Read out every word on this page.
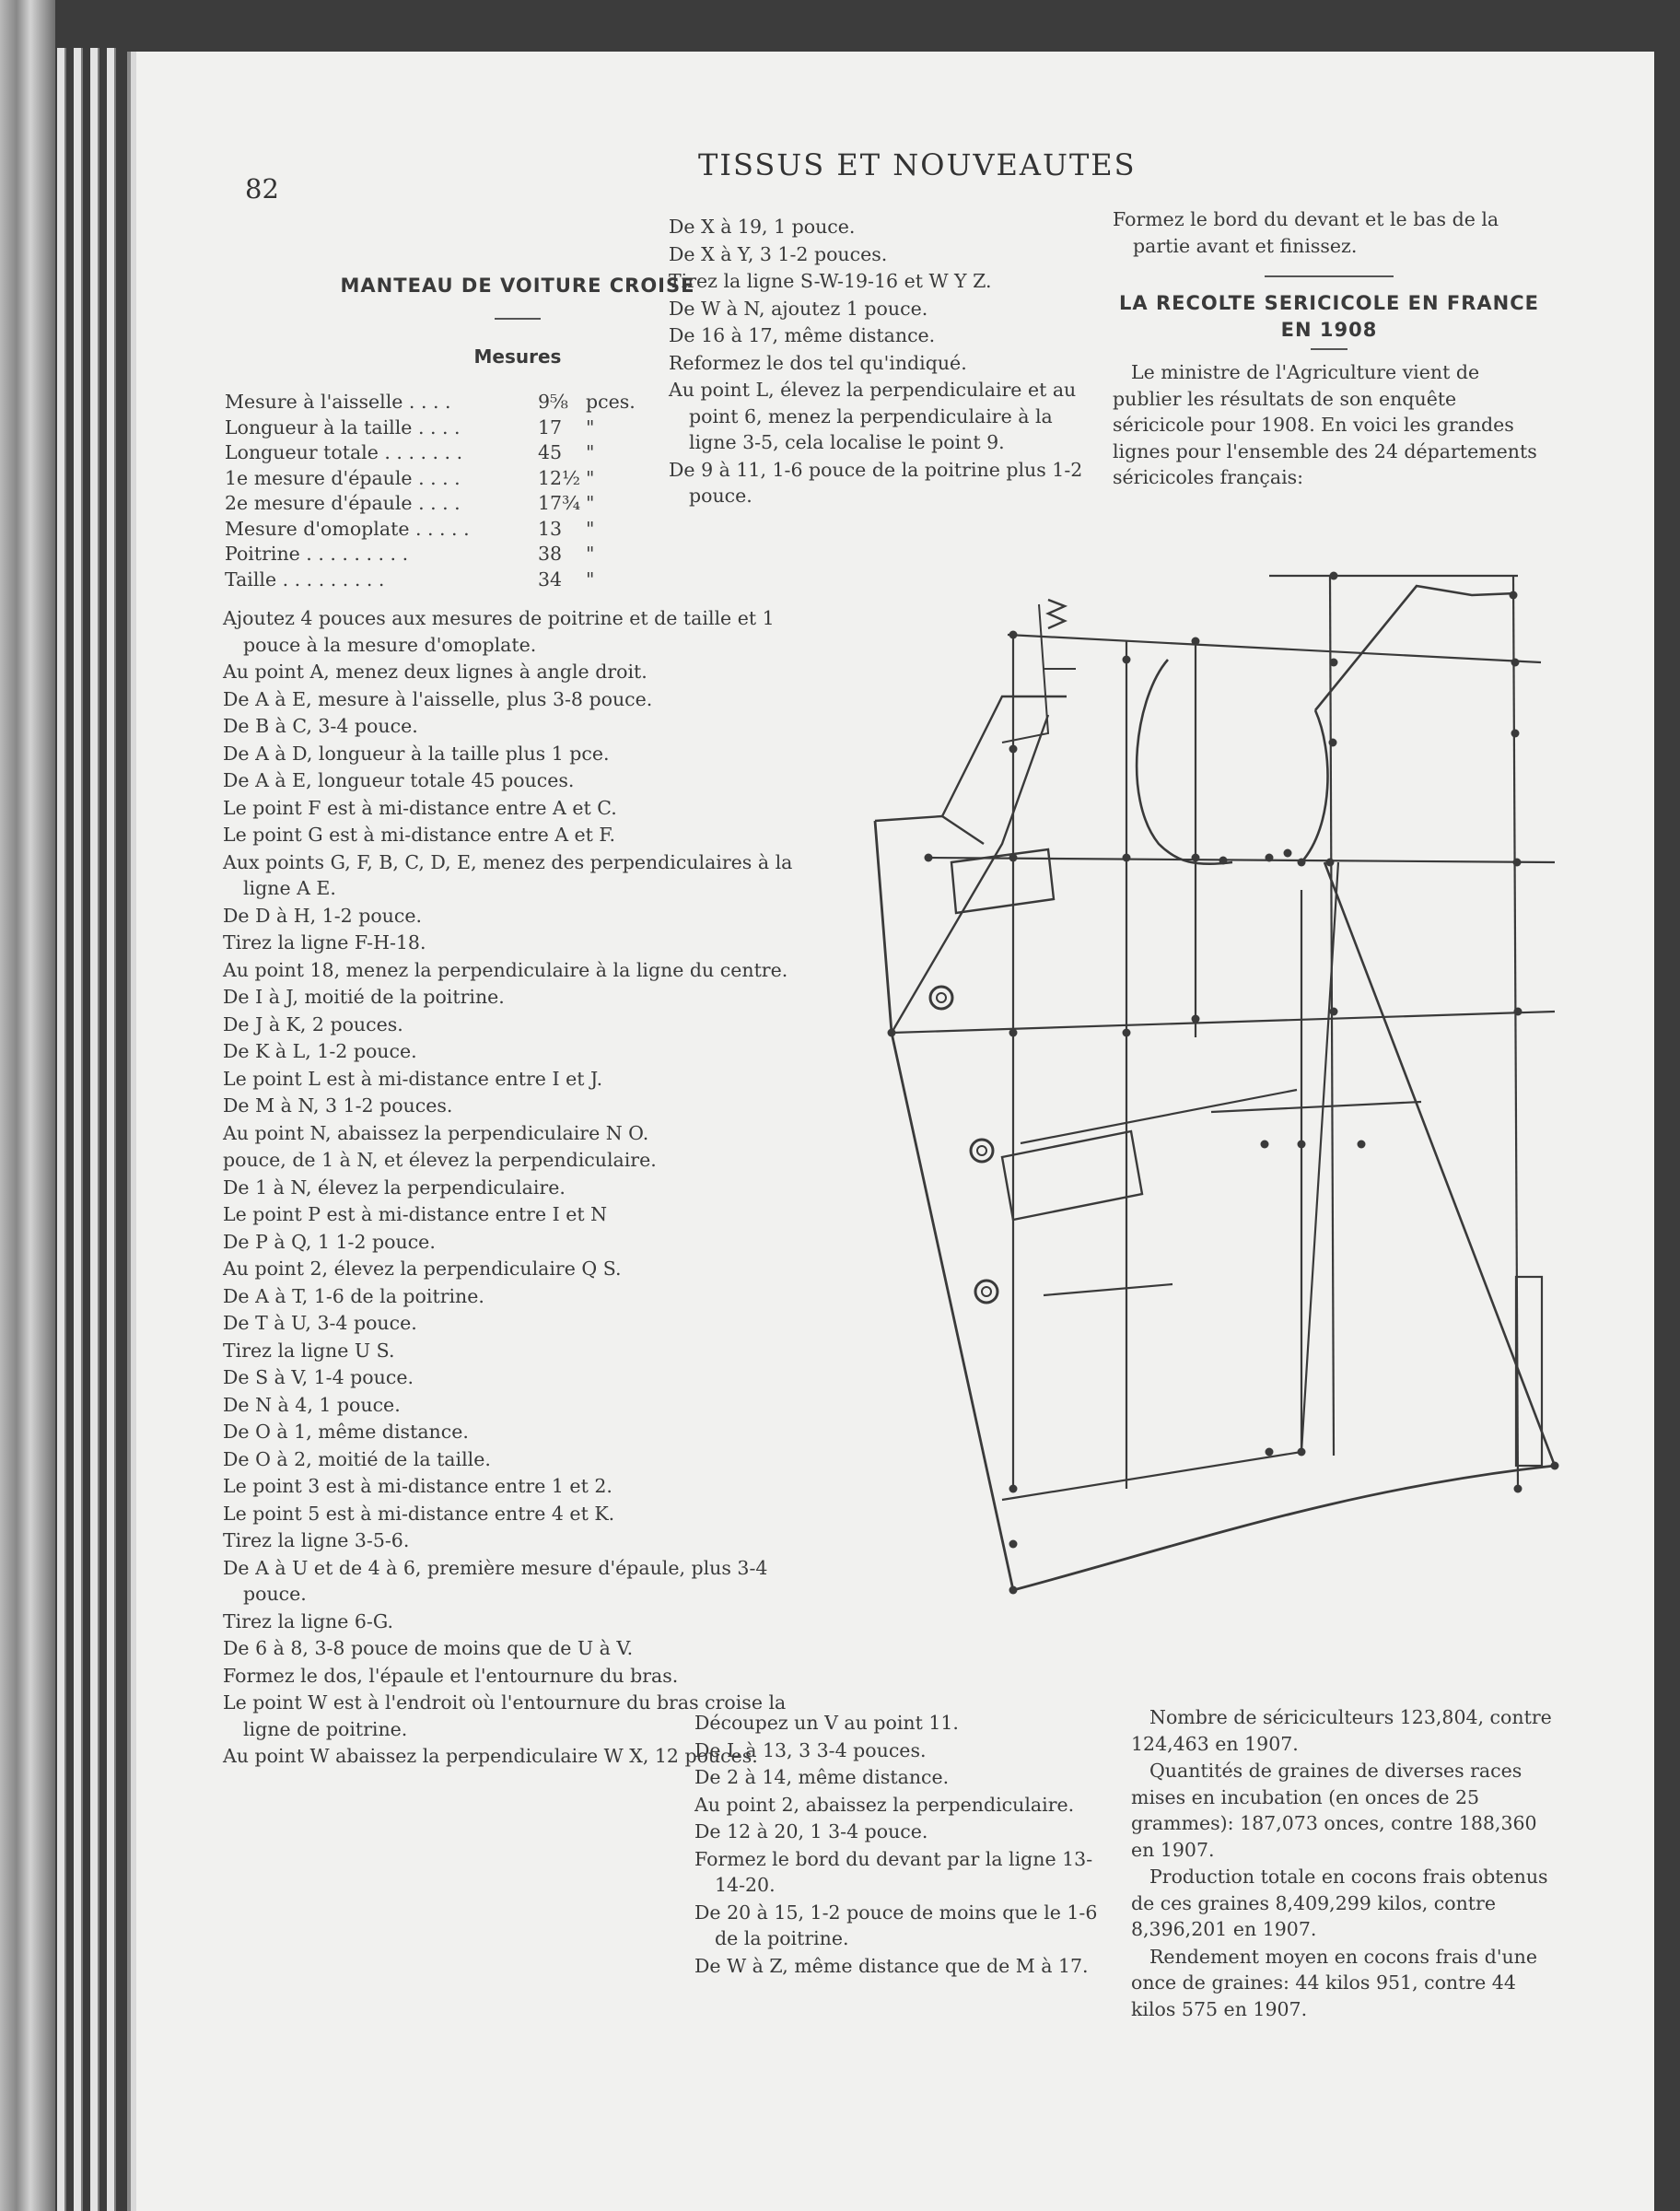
82
TISSUS ET NOUVEAUTES
MANTEAU DE VOITURE CROISE
Mesures
Mesure à l'aisselle . . . .	9⅝	pces.
Longueur à la taille . . . .	17	"
Longueur totale . . . . . . .	45	"
1e mesure d'épaule . . . .	12½	"
2e mesure d'épaule . . . .	17¾	"
Mesure d'omoplate . . . . .	13	"
Poitrine . . . . . . . . .	38	"
Taille . . . . . . . . .	34	"

Ajoutez 4 pouces aux mesures de poitrine et de taille et 1 pouce à la mesure d'omoplate.

Au point A, menez deux lignes à angle droit.

De A à E, mesure à l'aisselle, plus 3-8 pouce.

De B à C, 3-4 pouce.

De A à D, longueur à la taille plus 1 pce.

De A à E, longueur totale 45 pouces.

Le point F est à mi-distance entre A et C.

Le point G est à mi-distance entre A et F.

Aux points G, F, B, C, D, E, menez des perpendiculaires à la ligne A E.

De D à H, 1-2 pouce.

Tirez la ligne F-H-18.

Au point 18, menez la perpendiculaire à la ligne du centre.

De I à J, moitié de la poitrine.

De J à K, 2 pouces.

De K à L, 1-2 pouce.

Le point L est à mi-distance entre I et J.

De M à N, 3 1-2 pouces.

Au point N, abaissez la perpendiculaire N O.

pouce, de 1 à N, et élevez la perpendiculaire.

De 1 à N, élevez la perpendiculaire.

Le point P est à mi-distance entre I et N

De P à Q, 1 1-2 pouce.

Au point 2, élevez la perpendiculaire Q S.

De A à T, 1-6 de la poitrine.

De T à U, 3-4 pouce.

Tirez la ligne U S.

De S à V, 1-4 pouce.

De N à 4, 1 pouce.

De O à 1, même distance.

De O à 2, moitié de la taille.

Le point 3 est à mi-distance entre 1 et 2.

Le point 5 est à mi-distance entre 4 et K.

Tirez la ligne 3-5-6.

De A à U et de 4 à 6, première mesure d'épaule, plus 3-4 pouce.

Tirez la ligne 6-G.

De 6 à 8, 3-8 pouce de moins que de U à V.

Formez le dos, l'épaule et l'entournure du bras.

Le point W est à l'endroit où l'entournure du bras croise la ligne de poitrine.

Au point W abaissez la perpendiculaire W X, 12 pouces.

De X à 19, 1 pouce.

De X à Y, 3 1-2 pouces.

Tirez la ligne S-W-19-16 et W Y Z.

De W à N, ajoutez 1 pouce.

De 16 à 17, même distance.

Reformez le dos tel qu'indiqué.

Au point L, élevez la perpendiculaire et au point 6, menez la perpendiculaire à la ligne 3-5, cela localise le point 9.

De 9 à 11, 1-6 pouce de la poitrine plus 1-2 pouce.

Formez le bord du devant et le bas de la partie avant et finissez.

LA RECOLTE SERICICOLE EN FRANCE EN 1908

Le ministre de l'Agriculture vient de publier les résultats de son enquête séricicole pour 1908. En voici les grandes lignes pour l'ensemble des 24 départements séricicoles français:

Découpez un V au point 11.

De L à 13, 3 3-4 pouces.

De 2 à 14, même distance.

Au point 2, abaissez la perpendiculaire.

De 12 à 20, 1 3-4 pouce.

Formez le bord du devant par la ligne 13-14-20.

De 20 à 15, 1-2 pouce de moins que le 1-6 de la poitrine.

De W à Z, même distance que de M à 17.

Nombre de sériciculteurs 123,804, contre 124,463 en 1907.

Quantités de graines de diverses races mises en incubation (en onces de 25 grammes): 187,073 onces, contre 188,360 en 1907.

Production totale en cocons frais obtenus de ces graines 8,409,299 kilos, contre 8,396,201 en 1907.

Rendement moyen en cocons frais d'une once de graines: 44 kilos 951, contre 44 kilos 575 en 1907.
